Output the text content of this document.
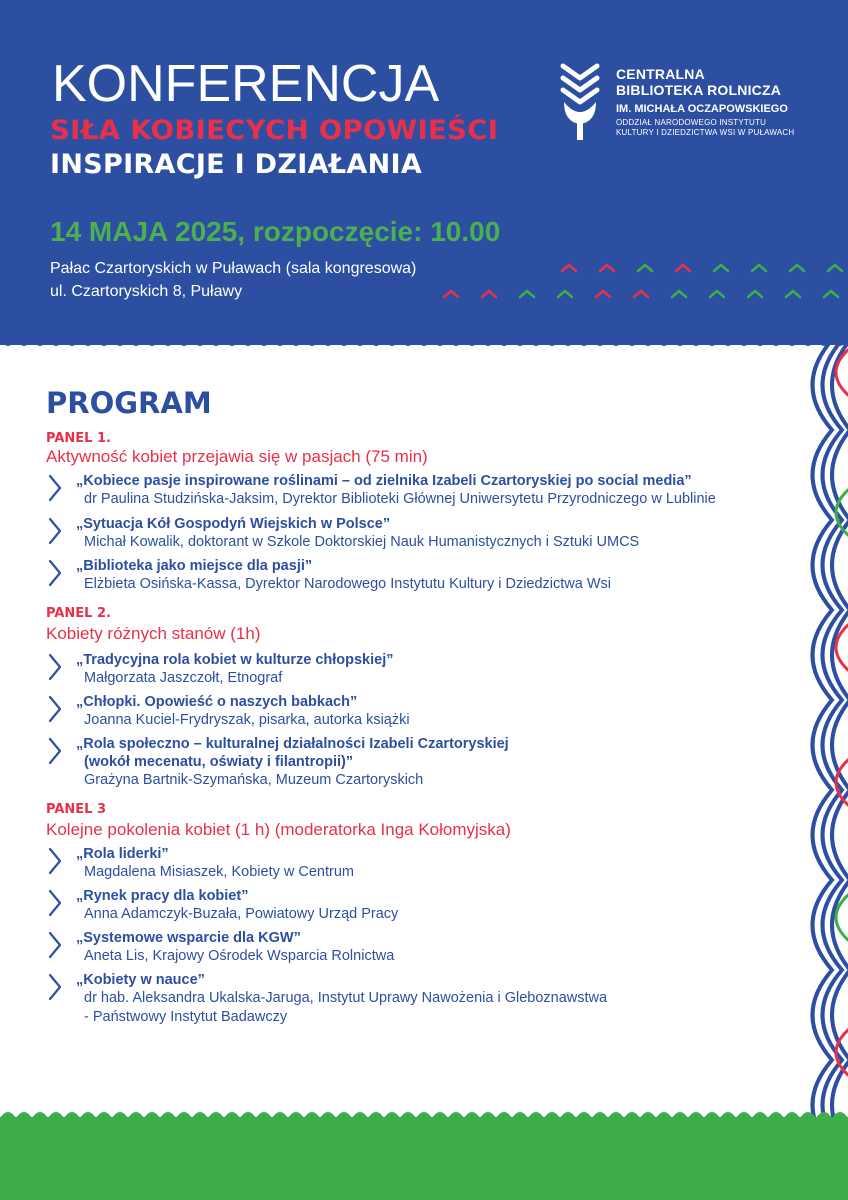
KONFERENCJA
SIŁA KOBIECYCH OPOWIEŚCI
INSPIRACJE I DZIAŁANIA
14 MAJA 2025, rozpoczęcie: 10.00
Pałac Czartoryskich w Puławach (sala kongresowa)
ul. Czartoryskich 8, Puławy
CENTRALNA
BIBLIOTEKA ROLNICZA
IM. MICHAŁA OCZAPOWSKIEGO
ODDZIAŁ NARODOWEGO INSTYTUTU
KULTURY I DZIEDZICTWA WSI W PUŁAWACH
PROGRAM
PANEL 1.
Aktywność kobiet przejawia się w pasjach (75 min)
„Kobiece pasje inspirowane roślinami – od zielnika Izabeli Czartoryskiej po social media”
dr Paulina Studzińska-Jaksim, Dyrektor Biblioteki Głównej Uniwersytetu Przyrodniczego w Lublinie
„Sytuacja Kół Gospodyń Wiejskich w Polsce”
Michał Kowalik, doktorant w Szkole Doktorskiej Nauk Humanistycznych i Sztuki UMCS
„Biblioteka jako miejsce dla pasji”
Elżbieta Osińska-Kassa, Dyrektor Narodowego Instytutu Kultury i Dziedzictwa Wsi
PANEL 2.
Kobiety różnych stanów (1h)
„Tradycyjna rola kobiet w kulturze chłopskiej”
Małgorzata Jaszczołt, Etnograf
„Chłopki. Opowieść o naszych babkach”
Joanna Kuciel-Frydryszak, pisarka, autorka książki
„Rola społeczno – kulturalnej działalności Izabeli Czartoryskiej
(wokół mecenatu, oświaty i filantropii)”
Grażyna Bartnik-Szymańska, Muzeum Czartoryskich
PANEL 3
Kolejne pokolenia kobiet (1 h) (moderatorka Inga Kołomyjska)
„Rola liderki”
Magdalena Misiaszek, Kobiety w Centrum
„Rynek pracy dla kobiet”
Anna Adamczyk-Buzała, Powiatowy Urząd Pracy
„Systemowe wsparcie dla KGW”
Aneta Lis, Krajowy Ośrodek Wsparcia Rolnictwa
„Kobiety w nauce”
dr hab. Aleksandra Ukalska-Jaruga, Instytut Uprawy Nawożenia i Gleboznawstwa
- Państwowy Instytut Badawczy
